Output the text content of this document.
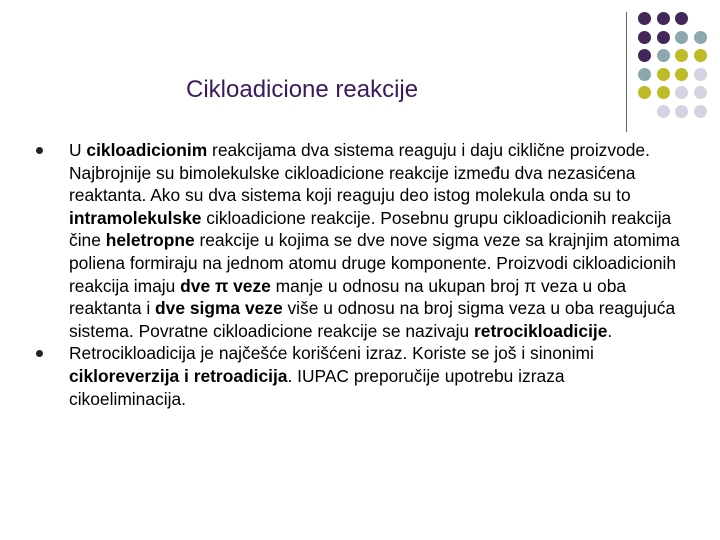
Cikloadicione reakcije
U cikloadicionim reakcijama dva sistema reaguju i daju ciklične proizvode. Najbrojnije su bimolekulske cikloadicione reakcije između dva nezasićena reaktanta. Ako su dva sistema koji reaguju deo istog molekula onda su to intramolekulske cikloadicione reakcije. Posebnu grupu cikloadicionih reakcija čine heletropne reakcije u kojima se dve nove sigma veze sa krajnjim atomima poliena formiraju na jednom atomu druge komponente. Proizvodi cikloadicionih reakcija imaju dve π veze manje u odnosu na ukupan broj π veza u oba reaktanta i dve sigma veze više u odnosu na broj sigma veza u oba reagujuća sistema. Povratne cikloadicione reakcije se nazivaju retrocikloadicije.
Retrocikloadicija je najčešće korišćeni izraz. Koriste se još i sinonimi cikloreverzija i retroadicija. IUPAC preporučije upotrebu izraza cikoeliminacija.
